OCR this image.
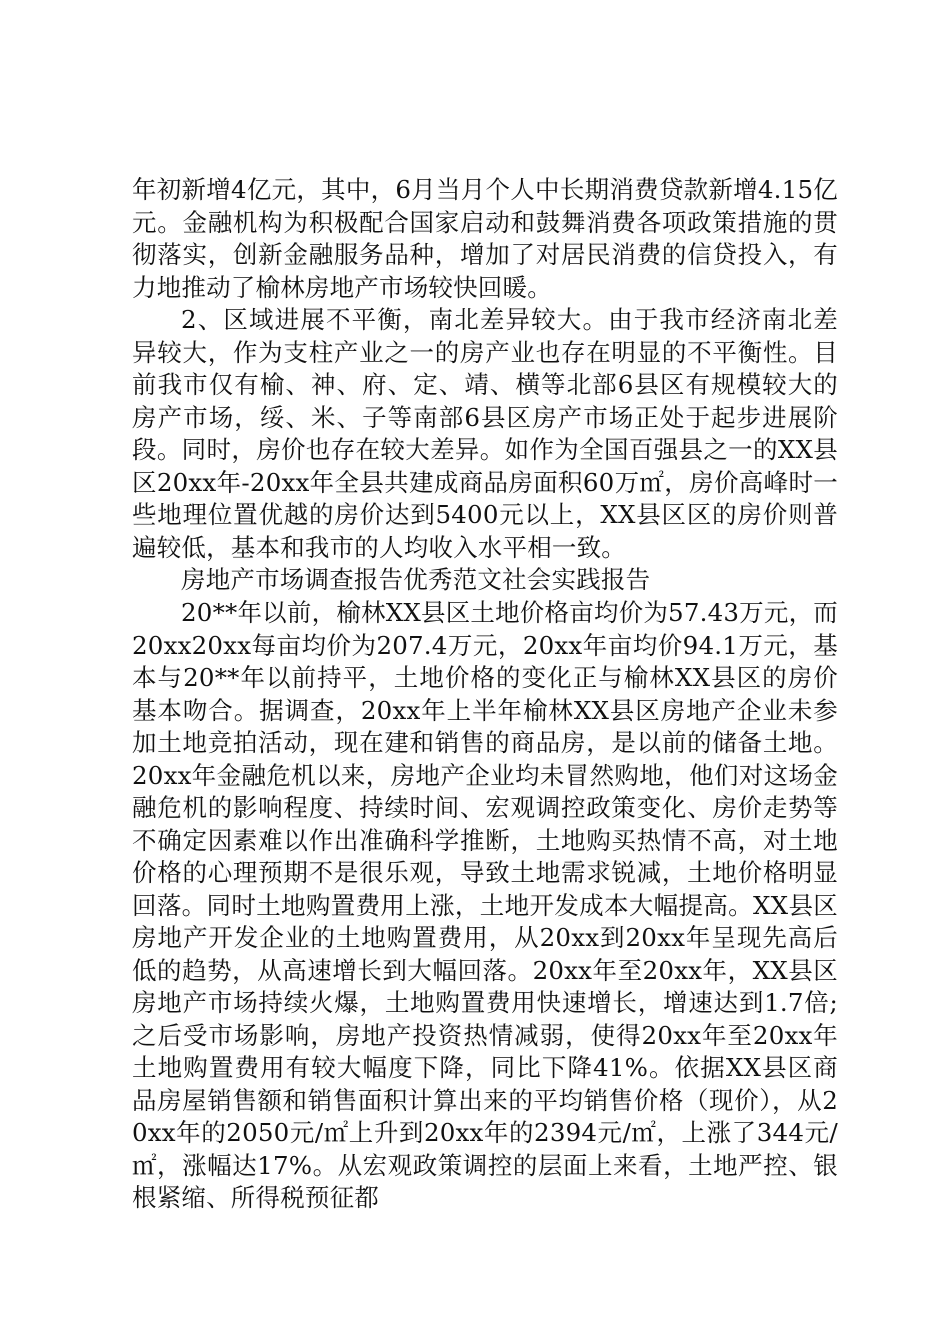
年初新增4亿元，其中，6月当月个人中长期消费贷款新增4.15亿元。金融机构为积极配合国家启动和鼓舞消费各项政策措施的贯彻落实，创新金融服务品种，增加了对居民消费的信贷投入，有力地推动了榆林房地产市场较快回暖。

2、区域进展不平衡，南北差异较大。由于我市经济南北差异较大，作为支柱产业之一的房产业也存在明显的不平衡性。目前我市仅有榆、神、府、定、靖、横等北部6县区有规模较大的房产市场，绥、米、子等南部6县区房产市场正处于起步进展阶段。同时，房价也存在较大差异。如作为全国百强县之一的XX县区20xx年-20xx年全县共建成商品房面积60万㎡，房价高峰时一些地理位置优越的房价达到5400元以上，XX县区区的房价则普遍较低，基本和我市的人均收入水平相一致。

房地产市场调查报告优秀范文社会实践报告

20**年以前，榆林XX县区土地价格亩均价为57.43万元，而20xx20xx每亩均价为207.4万元，20xx年亩均价94.1万元，基本与20**年以前持平，土地价格的变化正与榆林XX县区的房价基本吻合。据调查，20xx年上半年榆林XX县区房地产企业未参加土地竞拍活动，现在建和销售的商品房，是以前的储备土地。20xx年金融危机以来，房地产企业均未冒然购地，他们对这场金融危机的影响程度、持续时间、宏观调控政策变化、房价走势等不确定因素难以作出准确科学推断，土地购买热情不高，对土地价格的心理预期不是很乐观，导致土地需求锐减，土地价格明显回落。同时土地购置费用上涨，土地开发成本大幅提高。XX县区房地产开发企业的土地购置费用，从20xx到20xx年呈现先高后低的趋势，从高速增长到大幅回落。20xx年至20xx年，XX县区房地产市场持续火爆，土地购置费用快速增长，增速达到1.7倍;之后受市场影响，房地产投资热情减弱，使得20xx年至20xx年土地购置费用有较大幅度下降，同比下降41%。依据XX县区商品房屋销售额和销售面积计算出来的平均销售价格（现价），从20xx年的2050元/㎡上升到20xx年的2394元/㎡，上涨了344元/㎡，涨幅达17%。从宏观政策调控的层面上来看，土地严控、银根紧缩、所得税预征都
